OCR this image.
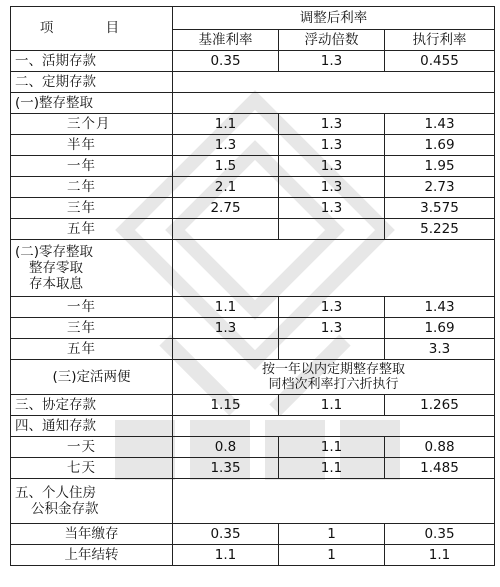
项 目	调整后利率		
	基准利率	浮动倍数	执行利率
一、活期存款	0.35	1.3	0.455
二、定期存款			
(一)整存整取			
三个月	1.1	1.3	1.43
半年	1.3	1.3	1.69
一年	1.5	1.3	1.95
二年	2.1	1.3	2.73
三年	2.75	1.3	3.575
五年			5.225

(二)零存整取
整存零取
存本取息			

一年	1.1	1.3	1.43
三年	1.3	1.3	1.69
五年			3.3
(三)定活两便	按一年以内定期整存整取
同档次利率打六折执行		

三、协定存款	1.15	1.1	1.265
四、通知存款			
一天	0.8	1.1	0.88
七天	1.35	1.1	1.485

五、个人住房
公积金存款			

当年缴存	0.35	1	0.35
上年结转	1.1	1	1.1
